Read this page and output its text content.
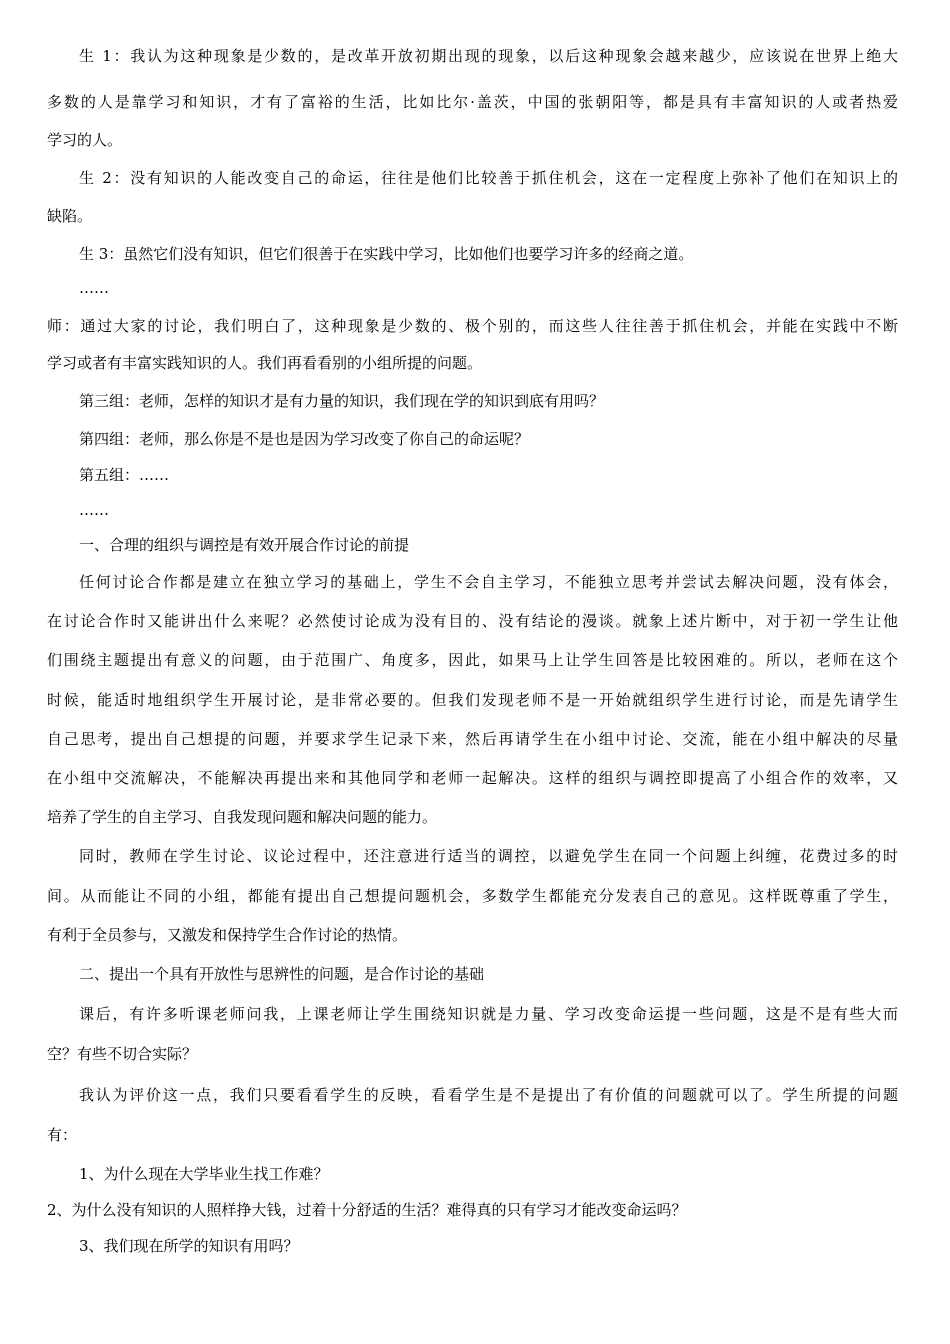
生 1：我认为这种现象是少数的，是改革开放初期出现的现象，以后这种现象会越来越少，应该说在世界上绝大
多数的人是靠学习和知识，才有了富裕的生活，比如比尔·盖茨，中国的张朝阳等，都是具有丰富知识的人或者热爱
学习的人。
生 2：没有知识的人能改变自己的命运，往往是他们比较善于抓住机会，这在一定程度上弥补了他们在知识上的
缺陷。
生 3：虽然它们没有知识，但它们很善于在实践中学习，比如他们也要学习许多的经商之道。
……
师：通过大家的讨论，我们明白了，这种现象是少数的、极个别的，而这些人往往善于抓住机会，并能在实践中不断
学习或者有丰富实践知识的人。我们再看看别的小组所提的问题。
第三组：老师，怎样的知识才是有力量的知识，我们现在学的知识到底有用吗？
第四组：老师，那么你是不是也是因为学习改变了你自己的命运呢？
第五组：……
……
一、合理的组织与调控是有效开展合作讨论的前提
任何讨论合作都是建立在独立学习的基础上，学生不会自主学习，不能独立思考并尝试去解决问题，没有体会，
在讨论合作时又能讲出什么来呢？必然使讨论成为没有目的、没有结论的漫谈。就象上述片断中，对于初一学生让他
们围绕主题提出有意义的问题，由于范围广、角度多，因此，如果马上让学生回答是比较困难的。所以，老师在这个
时候，能适时地组织学生开展讨论，是非常必要的。但我们发现老师不是一开始就组织学生进行讨论，而是先请学生
自己思考，提出自己想提的问题，并要求学生记录下来，然后再请学生在小组中讨论、交流，能在小组中解决的尽量
在小组中交流解决，不能解决再提出来和其他同学和老师一起解决。这样的组织与调控即提高了小组合作的效率，又
培养了学生的自主学习、自我发现问题和解决问题的能力。
同时，教师在学生讨论、议论过程中，还注意进行适当的调控，以避免学生在同一个问题上纠缠，花费过多的时
间。从而能让不同的小组，都能有提出自己想提问题机会，多数学生都能充分发表自己的意见。这样既尊重了学生，
有利于全员参与，又激发和保持学生合作讨论的热情。
二、提出一个具有开放性与思辨性的问题，是合作讨论的基础
课后，有许多听课老师问我，上课老师让学生围绕知识就是力量、学习改变命运提一些问题，这是不是有些大而
空？有些不切合实际？
我认为评价这一点，我们只要看看学生的反映，看看学生是不是提出了有价值的问题就可以了。学生所提的问题
有：
1、为什么现在大学毕业生找工作难？
2、为什么没有知识的人照样挣大钱，过着十分舒适的生活？难得真的只有学习才能改变命运吗？
3、我们现在所学的知识有用吗？
